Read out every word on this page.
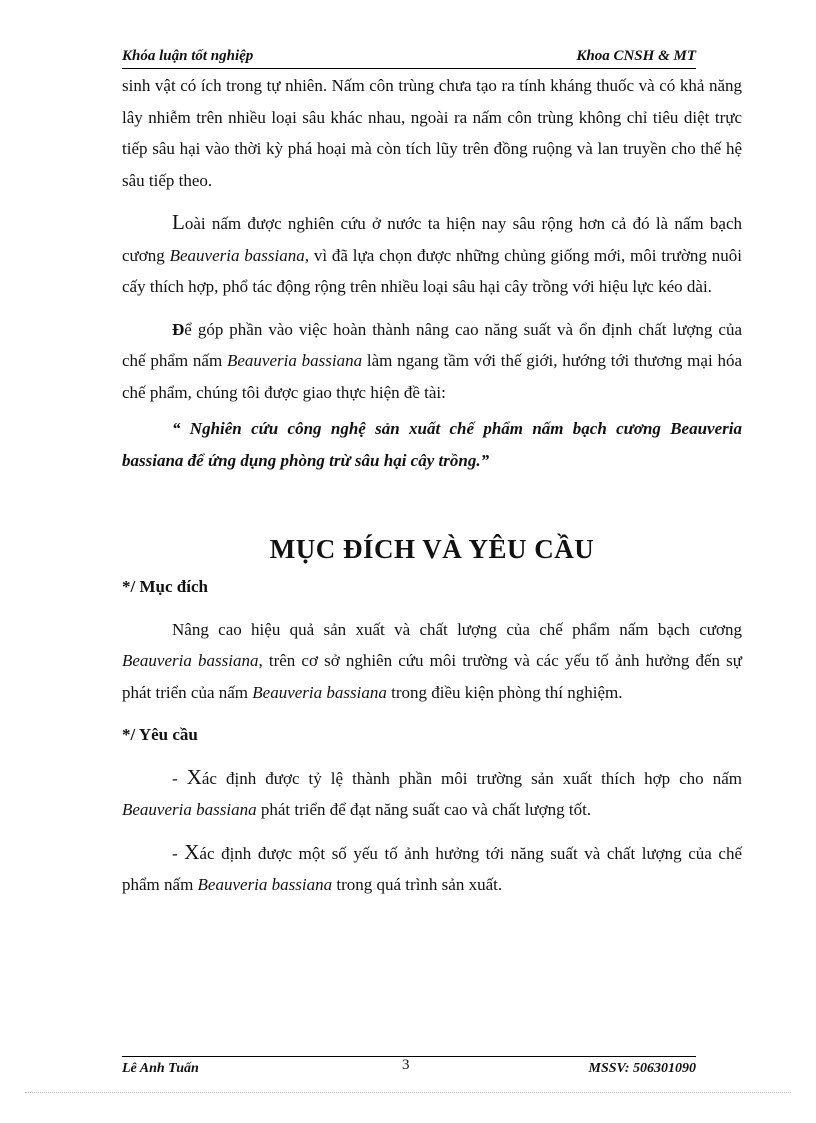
Khóa luận tốt nghiệp	Khoa CNSH & MT

sinh vật có ích trong tự nhiên. Nấm côn trùng chưa tạo ra tính kháng thuốc và có khả năng lây nhiễm trên nhiều loại sâu khác nhau, ngoài ra nấm côn trùng không chỉ tiêu diệt trực tiếp sâu hại vào thời kỳ phá hoại mà còn tích lũy trên đồng ruộng và lan truyền cho thế hệ sâu tiếp theo.

Loài nấm được nghiên cứu ở nước ta hiện nay sâu rộng hơn cả đó là nấm bạch cương Beauveria bassiana, vì đã lựa chọn được những chủng giống mới, môi trường nuôi cấy thích hợp, phổ tác động rộng trên nhiều loại sâu hại cây trồng với hiệu lực kéo dài.

Để góp phần vào việc hoàn thành nâng cao năng suất và ổn định chất lượng của chế phẩm nấm Beauveria bassiana làm ngang tầm với thế giới, hướng tới thương mại hóa chế phẩm, chúng tôi được giao thực hiện đề tài:

“ Nghiên cứu công nghệ sản xuất chế phẩm nấm bạch cương Beauveria bassiana để ứng dụng phòng trừ sâu hại cây trồng.”

MỤC ĐÍCH VÀ YÊU CẦU

*/ Mục đích

Nâng cao hiệu quả sản xuất và chất lượng của chế phẩm nấm bạch cương Beauveria bassiana, trên cơ sở nghiên cứu môi trường và các yếu tố ảnh hưởng đến sự phát triển của nấm Beauveria bassiana trong điều kiện phòng thí nghiệm.

*/ Yêu cầu

- Xác định được tỷ lệ thành phần môi trường sản xuất thích hợp cho nấm Beauveria bassiana phát triển để đạt năng suất cao và chất lượng tốt.

- Xác định được một số yếu tố ảnh hưởng tới năng suất và chất lượng của chế phẩm nấm Beauveria bassiana trong quá trình sản xuất.

Lê Anh Tuấn	3	MSSV: 506301090
